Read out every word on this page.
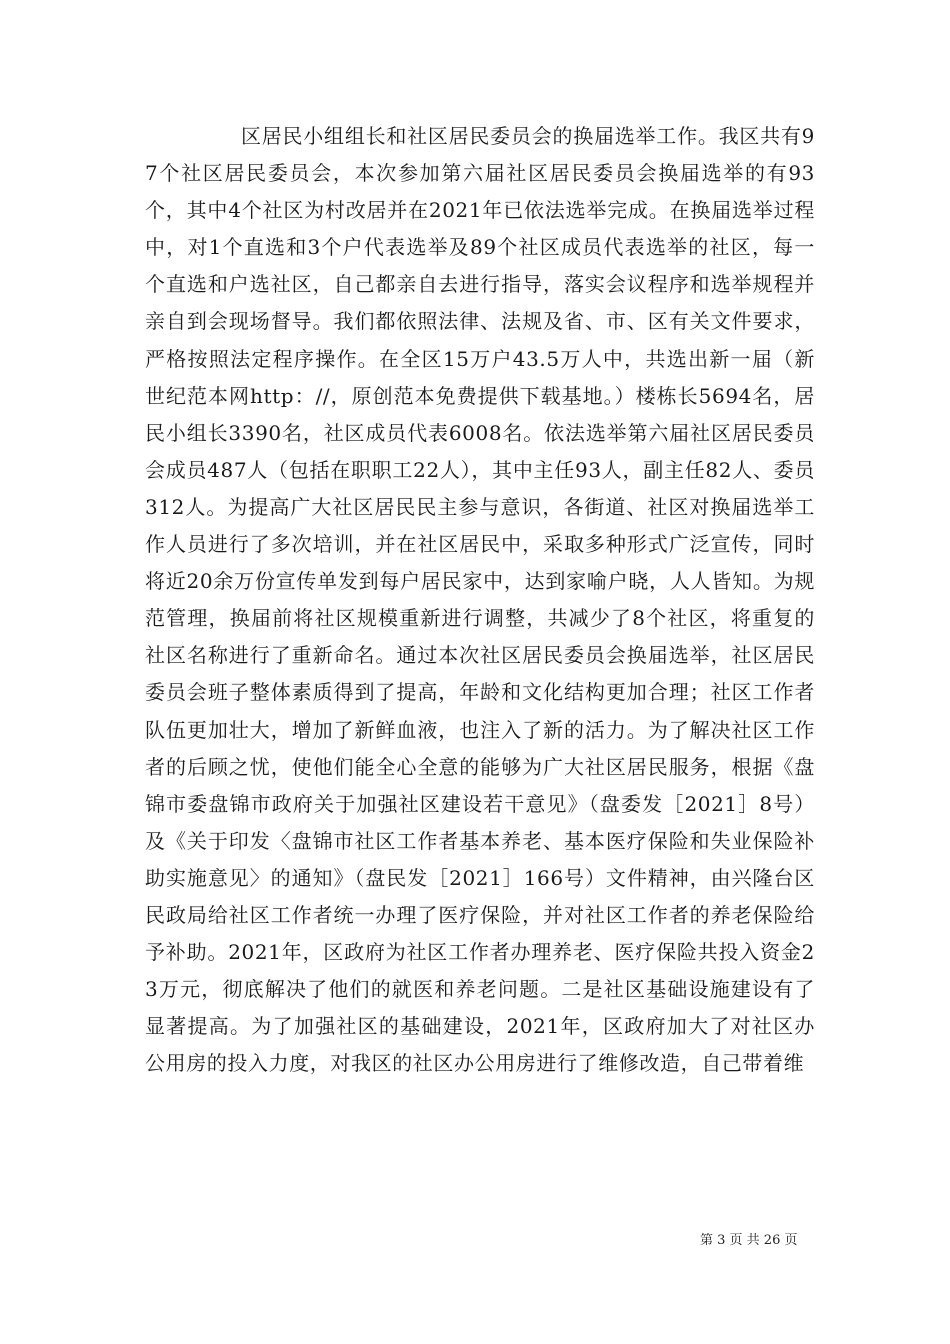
区居民小组组长和社区居民委员会的换届选举工作。我区共有97个社区居民委员会，本次参加第六届社区居民委员会换届选举的有93个，其中4个社区为村改居并在2021年已依法选举完成。在换届选举过程中，对1个直选和3个户代表选举及89个社区成员代表选举的社区，每一个直选和户选社区，自己都亲自去进行指导，落实会议程序和选举规程并亲自到会现场督导。我们都依照法律、法规及省、市、区有关文件要求，严格按照法定程序操作。在全区15万户43.5万人中，共选出新一届（新世纪范本网http：//，原创范本免费提供下载基地。）楼栋长5694名，居民小组长3390名，社区成员代表6008名。依法选举第六届社区居民委员会成员487人（包括在职职工22人），其中主任93人，副主任82人、委员312人。为提高广大社区居民民主参与意识，各街道、社区对换届选举工作人员进行了多次培训，并在社区居民中，采取多种形式广泛宣传，同时将近20余万份宣传单发到每户居民家中，达到家喻户晓，人人皆知。为规范管理，换届前将社区规模重新进行调整，共减少了8个社区，将重复的社区名称进行了重新命名。通过本次社区居民委员会换届选举，社区居民委员会班子整体素质得到了提高，年龄和文化结构更加合理；社区工作者队伍更加壮大，增加了新鲜血液，也注入了新的活力。为了解决社区工作者的后顾之忧，使他们能全心全意的能够为广大社区居民服务，根据《盘锦市委盘锦市政府关于加强社区建设若干意见》（盘委发［2021］8号）及《关于印发〈盘锦市社区工作者基本养老、基本医疗保险和失业保险补助实施意见〉的通知》（盘民发［2021］166号）文件精神，由兴隆台区民政局给社区工作者统一办理了医疗保险，并对社区工作者的养老保险给予补助。2021年，区政府为社区工作者办理养老、医疗保险共投入资金23万元，彻底解决了他们的就医和养老问题。二是社区基础设施建设有了显著提高。为了加强社区的基础建设，2021年，区政府加大了对社区办公用房的投入力度，对我区的社区办公用房进行了维修改造，自己带着维

第 3 页 共 26 页
